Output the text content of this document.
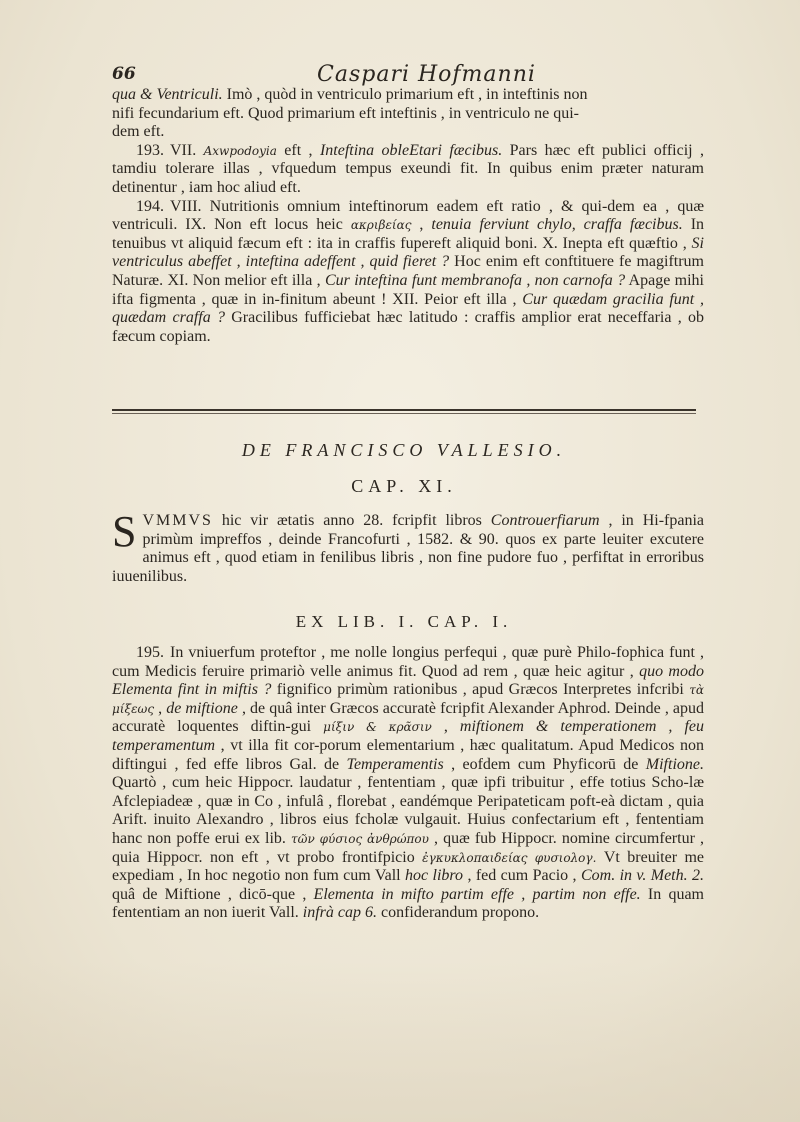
66	Caspari Hofmanni

qua & Ventriculi. Imò , quòd in ventriculo primarium eft , in inteftinis non

nifi fecundarium eft. Quod primarium eft inteftinis , in ventriculo ne qui-

dem eft.

193. VII. Axwpodoyia eft , Inteftina obleEtari fæcibus. Pars hæc eft publici officij , tamdiu tolerare illas , vfquedum tempus exeundi fit. In quibus enim præter naturam detinentur , iam hoc aliud eft.

194. VIII. Nutritionis omnium inteftinorum eadem eft ratio , & qui-dem ea , quæ ventriculi. IX. Non eft locus heic ακριβείας , tenuia ferviunt chylo, craffa fæcibus. In tenuibus vt aliquid fæcum eft : ita in craffis fupereft aliquid boni. X. Inepta eft quæftio , Si ventriculus abeffet , inteftina adeffent , quid fieret ? Hoc enim eft conftituere fe magiftrum Naturæ. XI. Non melior eft illa , Cur inteftina funt membranofa , non carnofa ? Apage mihi ifta figmenta , quæ in in-finitum abeunt ! XII. Peior eft illa , Cur quædam gracilia funt , quædam craffa ? Gracilibus fufficiebat hæc latitudo : craffis amplior erat neceffaria , ob fæcum copiam.

DE FRANCISCO VALLESIO.
CAP. XI.

SVMMVS hic vir ætatis anno 28. fcripfit libros Controuerfiarum , in Hi-fpania primùm impreffos , deinde Francofurti , 1582. & 90. quos ex parte leuiter excutere animus eft , quod etiam in fenilibus libris , non fine pudore fuo , perfiftat in erroribus iuuenilibus.

EX LIB. I. CAP. I.

195. In vniuerfum proteftor , me nolle longius perfequi , quæ purè Philo-fophica funt , cum Medicis feruire primariò velle animus fit. Quod ad rem , quæ heic agitur , quo modo Elementa fint in miftis ? fignifico primùm rationibus , apud Græcos Interpretes infcribi τὰ μίξεως , de miftione , de quâ inter Græcos accuratè fcripfit Alexander Aphrod. Deinde , apud accuratè loquentes diftin-gui μίξιν & κρᾶσιν , miftionem & temperationem , feu temperamentum , vt illa fit cor-porum elementarium , hæc qualitatum. Apud Medicos non diftingui , fed effe libros Gal. de Temperamentis , eofdem cum Phyficorū de Miftione. Quartò , cum heic Hippocr. laudatur , fententiam , quæ ipfi tribuitur , effe totius Scho-læ Afclepiadeæ , quæ in Co , infulâ , florebat , eandémque Peripateticam poft-eà dictam , quia Arift. inuito Alexandro , libros eius fcholæ vulgauit. Huius confectarium eft , fententiam hanc non poffe erui ex lib. τῶν φύσιος ἀνθρώπου , quæ fub Hippocr. nomine circumfertur , quia Hippocr. non eft , vt probo frontifpicio ἐγκυκλοπαιδείας φυσιολογ. Vt breuiter me expediam , In hoc negotio non fum cum Vall hoc libro , fed cum Pacio , Com. in v. Meth. 2. quâ de Miftione , dicō-que , Elementa in mifto partim effe , partim non effe. In quam fententiam an non iuerit Vall. infrà cap 6. confiderandum propono.
